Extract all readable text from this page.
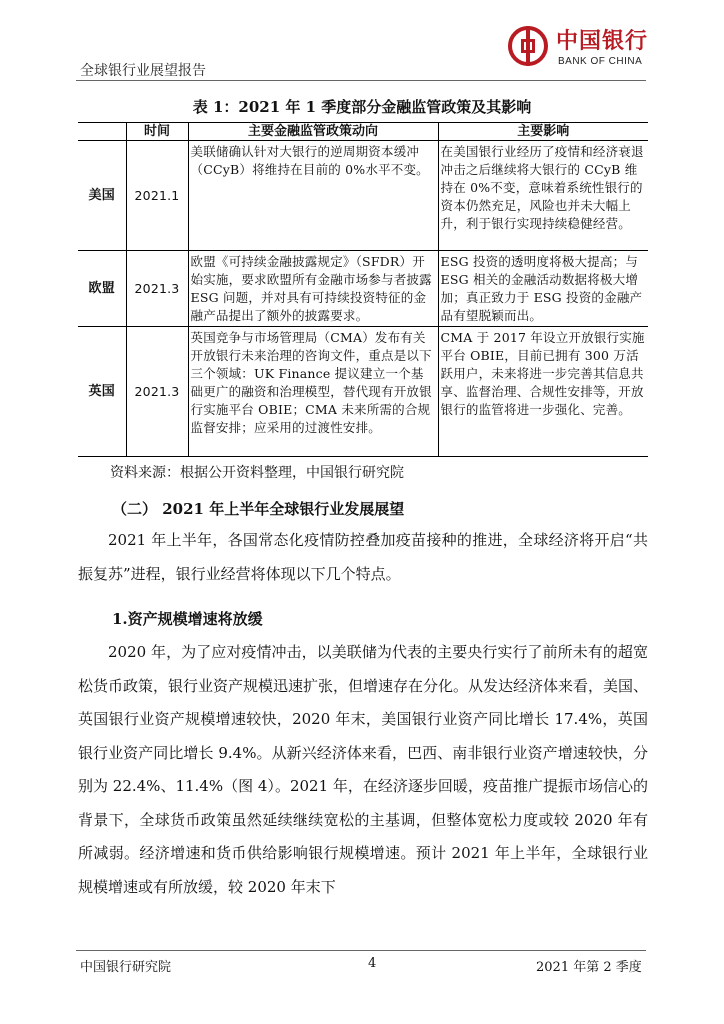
全球银行业展望报告
中国银行
BANK OF CHINA
表 1：2021 年 1 季度部分金融监管政策及其影响
	时间	主要金融监管政策动向	主要影响
美国	2021.1	美联储确认针对大银行的逆周期资本缓冲（CCyB）将维持在目前的 0%水平不变。	在美国银行业经历了疫情和经济衰退冲击之后继续将大银行的 CCyB 维持在 0%不变，意味着系统性银行的资本仍然充足，风险也并未大幅上升，利于银行实现持续稳健经营。
欧盟	2021.3	欧盟《可持续金融披露规定》（SFDR）开始实施，要求欧盟所有金融市场参与者披露 ESG 问题，并对具有可持续投资特征的金融产品提出了额外的披露要求。	ESG 投资的透明度将极大提高；与 ESG 相关的金融活动数据将极大增加；真正致力于 ESG 投资的金融产品有望脱颖而出。
英国	2021.3	英国竞争与市场管理局（CMA）发布有关开放银行未来治理的咨询文件，重点是以下三个领域：UK Finance 提议建立一个基础更广的融资和治理模型，替代现有开放银行实施平台 OBIE；CMA 未来所需的合规监督安排；应采用的过渡性安排。	CMA 于 2017 年设立开放银行实施平台 OBIE，目前已拥有 300 万活跃用户，未来将进一步完善其信息共享、监督治理、合规性安排等，开放银行的监管将进一步强化、完善。
资料来源：根据公开资料整理，中国银行研究院
（二） 2021 年上半年全球银行业发展展望

2021 年上半年，各国常态化疫情防控叠加疫苗接种的推进，全球经济将开启“共振复苏”进程，银行业经营将体现以下几个特点。

1.资产规模增速将放缓

2020 年，为了应对疫情冲击，以美联储为代表的主要央行实行了前所未有的超宽松货币政策，银行业资产规模迅速扩张，但增速存在分化。从发达经济体来看，美国、英国银行业资产规模增速较快，2020 年末，美国银行业资产同比增长 17.4%，英国银行业资产同比增长 9.4%。从新兴经济体来看，巴西、南非银行业资产增速较快，分别为 22.4%、11.4%（图 4）。2021 年，在经济逐步回暖，疫苗推广提振市场信心的背景下，全球货币政策虽然延续继续宽松的主基调，但整体宽松力度或较 2020 年有所减弱。经济增速和货币供给影响银行规模增速。预计 2021 年上半年，全球银行业规模增速或有所放缓，较 2020 年末下

中国银行研究院	4	2021 年第 2 季度
